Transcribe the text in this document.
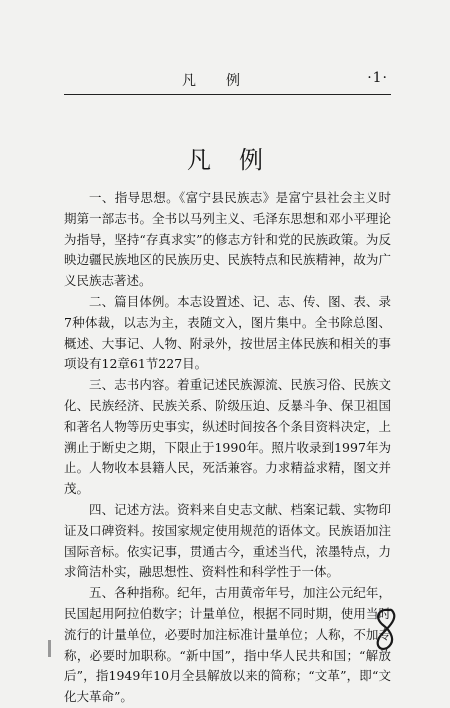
凡例	·1·
凡例

一、指导思想。《富宁县民族志》是富宁县社会主义时期第一部志书。全书以马列主义、毛泽东思想和邓小平理论为指导，坚持“存真求实”的修志方针和党的民族政策。为反映边疆民族地区的民族历史、民族特点和民族精神，故为广义民族志著述。

二、篇目体例。本志设置述、记、志、传、图、表、录7种体裁，以志为主，表随文入，图片集中。全书除总图、概述、大事记、人物、附录外，按世居主体民族和相关的事项设有12章61节227目。

三、志书内容。着重记述民族源流、民族习俗、民族文化、民族经济、民族关系、阶级压迫、反暴斗争、保卫祖国和著名人物等历史事实，纵述时间按各个条目资料决定，上溯止于断史之期，下限止于1990年。照片收录到1997年为止。人物收本县籍人民，死活兼容。力求精益求精，图文并茂。

四、记述方法。资料来自史志文献、档案记载、实物印证及口碑资料。按国家规定使用规范的语体文。民族语加注国际音标。依实记事，贯通古今，重述当代，浓墨特点，力求简洁朴实，融思想性、资料性和科学性于一体。

五、各种指称。纪年，古用黄帝年号，加注公元纪年，民国起用阿拉伯数字；计量单位，根据不同时期，使用当时流行的计量单位，必要时加注标准计量单位；人称，不加专称，必要时加职称。“新中国”，指中华人民共和国；“解放后”，指1949年10月全县解放以来的简称；“文革”，即“文化大革命”。
